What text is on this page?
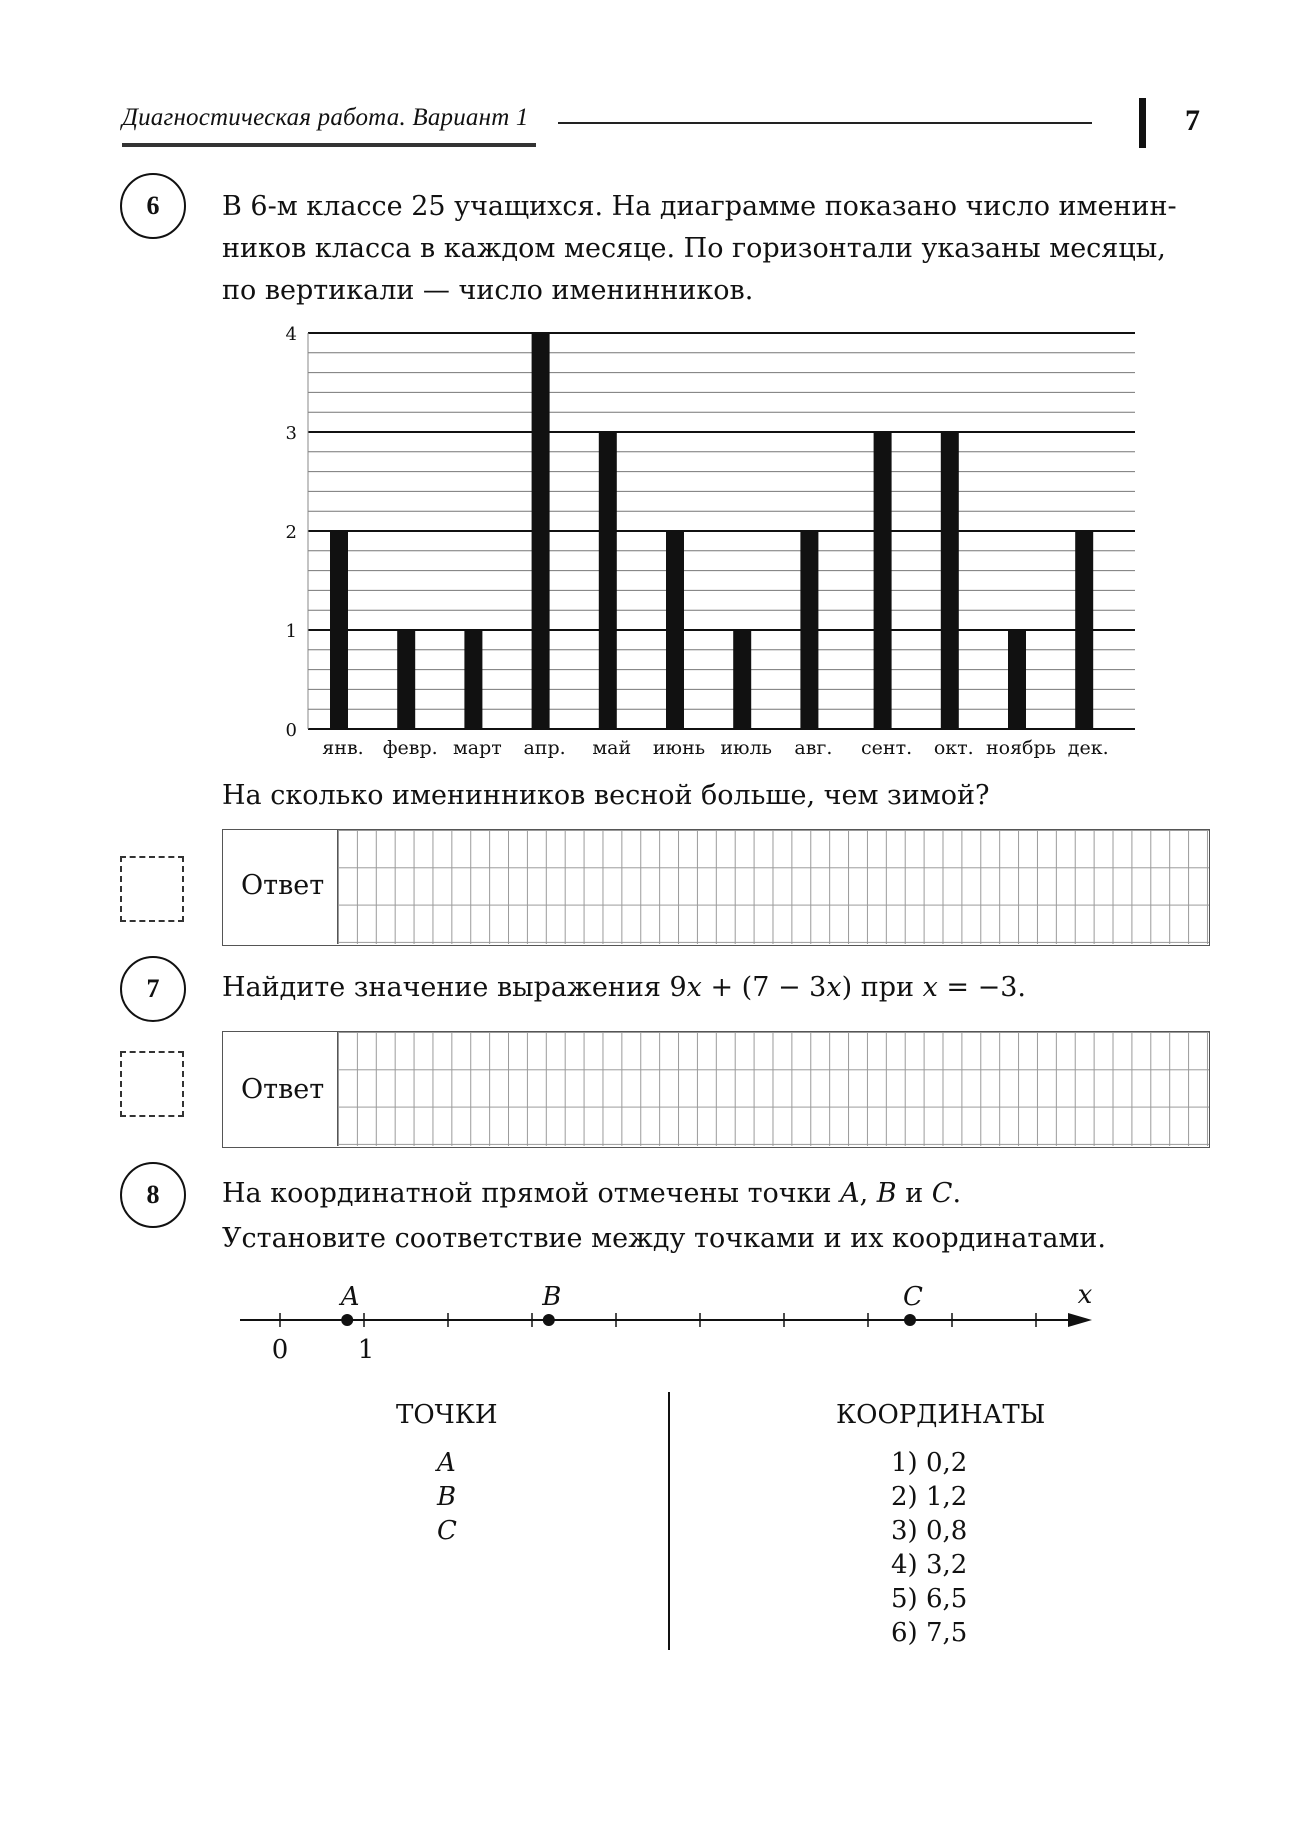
Диагностическая работа. Вариант 1	7
6	В 6-м классе 25 учащихся. На диаграмме показано число именин-
ников класса в каждом месяце. По горизонтали указаны месяцы,
по вертикали — число именинников.
0
1
2
3
4
янв. февр. март апр. май июнь июль авг. сент. окт. ноябрь дек.
На сколько именинников весной больше, чем зимой?
Ответ
7	Найдите значение выражения 9x + (7 − 3x) при x = −3.
Ответ
8	На координатной прямой отмечены точки A, B и C.
Установите соответствие между точками и их координатами.
0	1
x
A	B	C
ТОЧКИ
A
B
C
КООРДИНАТЫ
1) 0,2
2) 1,2
3) 0,8
4) 3,2
5) 6,5
6) 7,5
